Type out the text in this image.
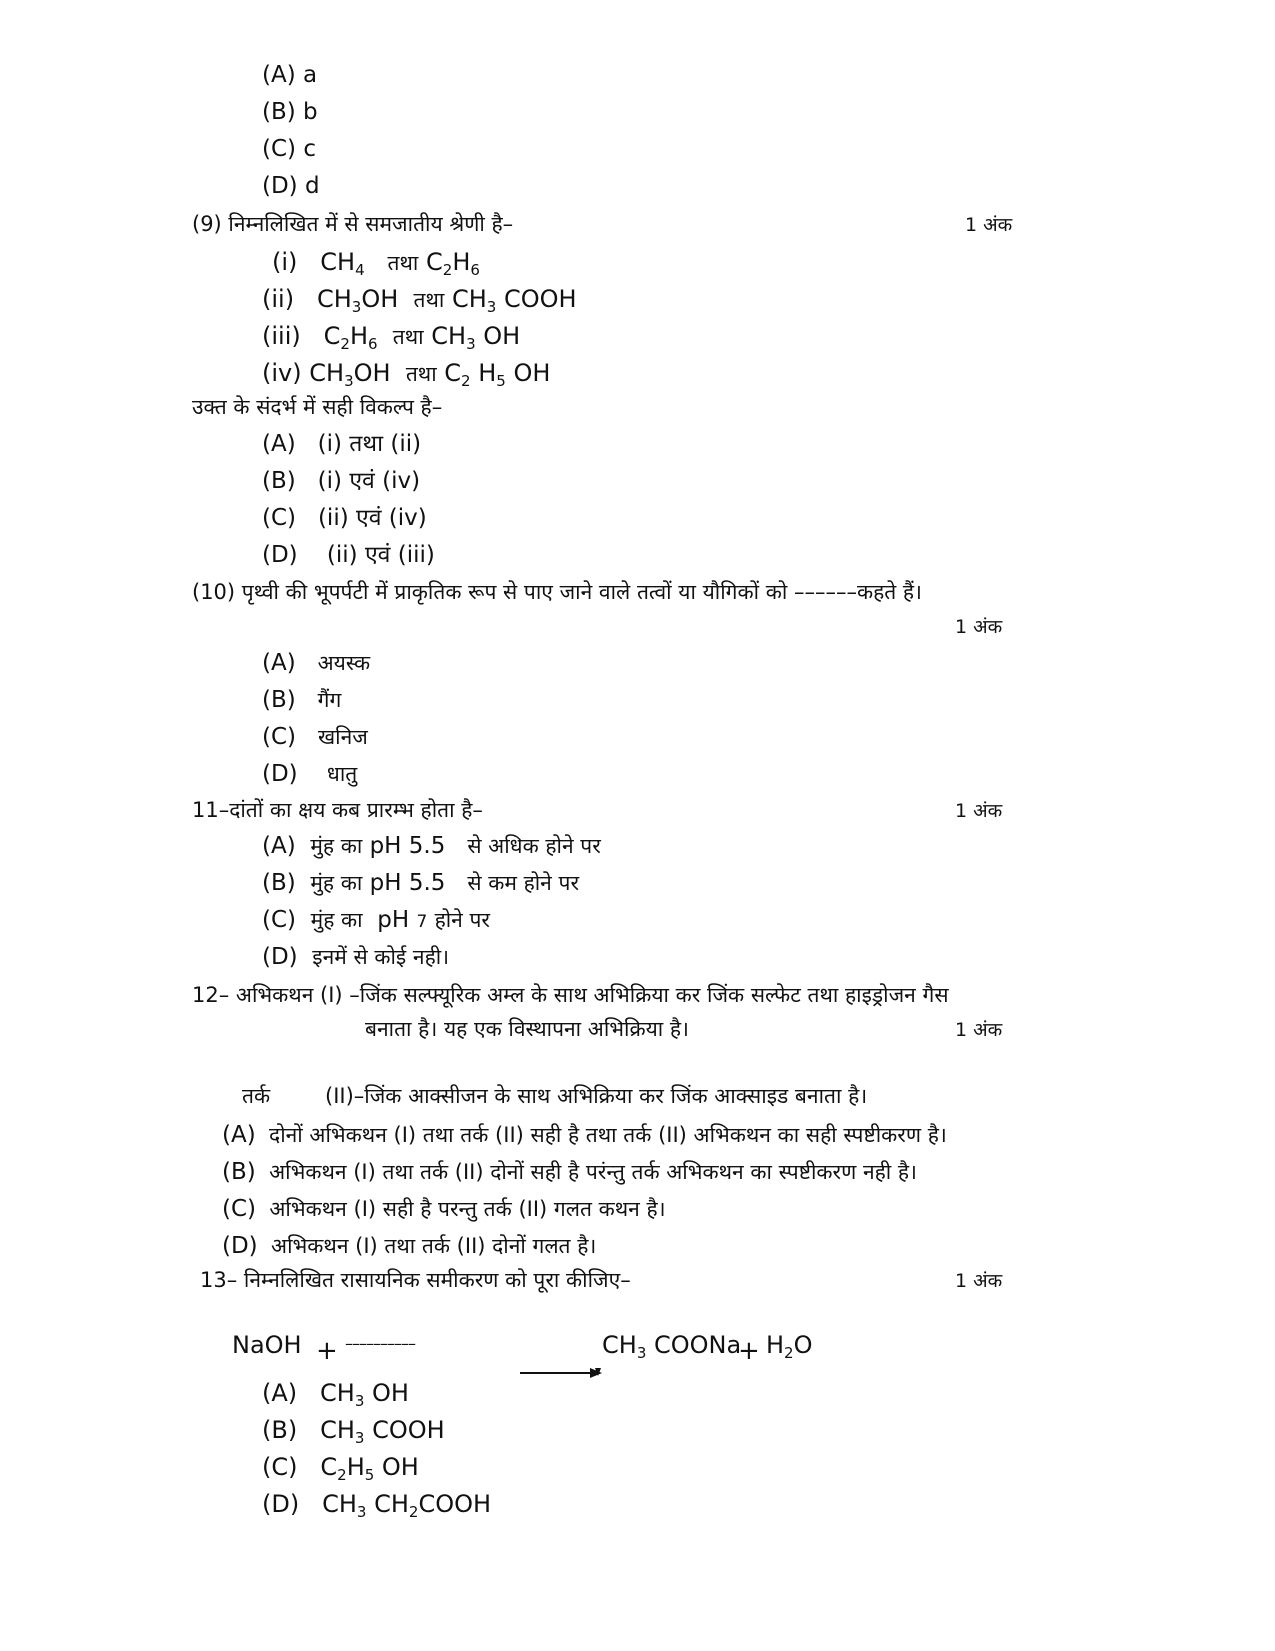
(A) a
(B) b
(C) c
(D) d
(9) निम्नलिखित में से समजातीय श्रेणी है–	1 अंक
(i) $CH_4$ तथा $C_2H_6$
(ii) $CH_3OH$ तथा $CH_3$ COOH
(iii) $C_2H_6$ तथा $CH_3$ OH
(iv) $CH_3OH$ तथा $C_2$ $H_5$ OH
उक्त के संदर्भ में सही विकल्प है–
(A) (i) तथा (ii)
(B) (i) एवं (iv)
(C) (ii) एवं (iv)
(D) (ii) एवं (iii)
(10) पृथ्वी की भूपर्पटी में प्राकृतिक रूप से पाए जाने वाले तत्वों या यौगिकों को ––––––कहते हैं।
1 अंक
(A) अयस्क
(B) गैंग
(C) खनिज
(D) धातु
11–दांतों का क्षय कब प्रारम्भ होता है–	1 अंक
(A) मुंह का pH 5.5 से अधिक होने पर
(B) मुंह का pH 5.5 से कम होने पर
(C) मुंह का pH 7 होने पर
(D) इनमें से कोई नही।
12– अभिकथन (I) –जिंक सल्फ्यूरिक अम्ल के साथ अभिक्रिया कर जिंक सल्फेट तथा हाइड्रोजन गैस
बनाता है। यह एक विस्थापना अभिक्रिया है।	1 अंक
तर्क	(II)–जिंक आक्सीजन के साथ अभिक्रिया कर जिंक आक्साइड बनाता है।
(A) दोनों अभिकथन (I) तथा तर्क (II) सही है तथा तर्क (II) अभिकथन का सही स्पष्टीकरण है।
(B) अभिकथन (I) तथा तर्क (II) दोनों सही है परंन्तु तर्क अभिकथन का स्पष्टीकरण नही है।
(C) अभिकथन (I) सही है परन्तु तर्क (II) गलत कथन है।
(D) अभिकथन (I) तथा तर्क (II) दोनों गलत है।
13– निम्नलिखित रासायनिक समीकरण को पूरा कीजिए–	1 अंक
NaOH + ––––––––––	$CH_3$ COONa
+ $H_2O$
(A) $CH_3$ OH
(B) $CH_3$ COOH
(C) $C_2H_5$ OH
(D) $CH_3$ $CH_2COOH$
